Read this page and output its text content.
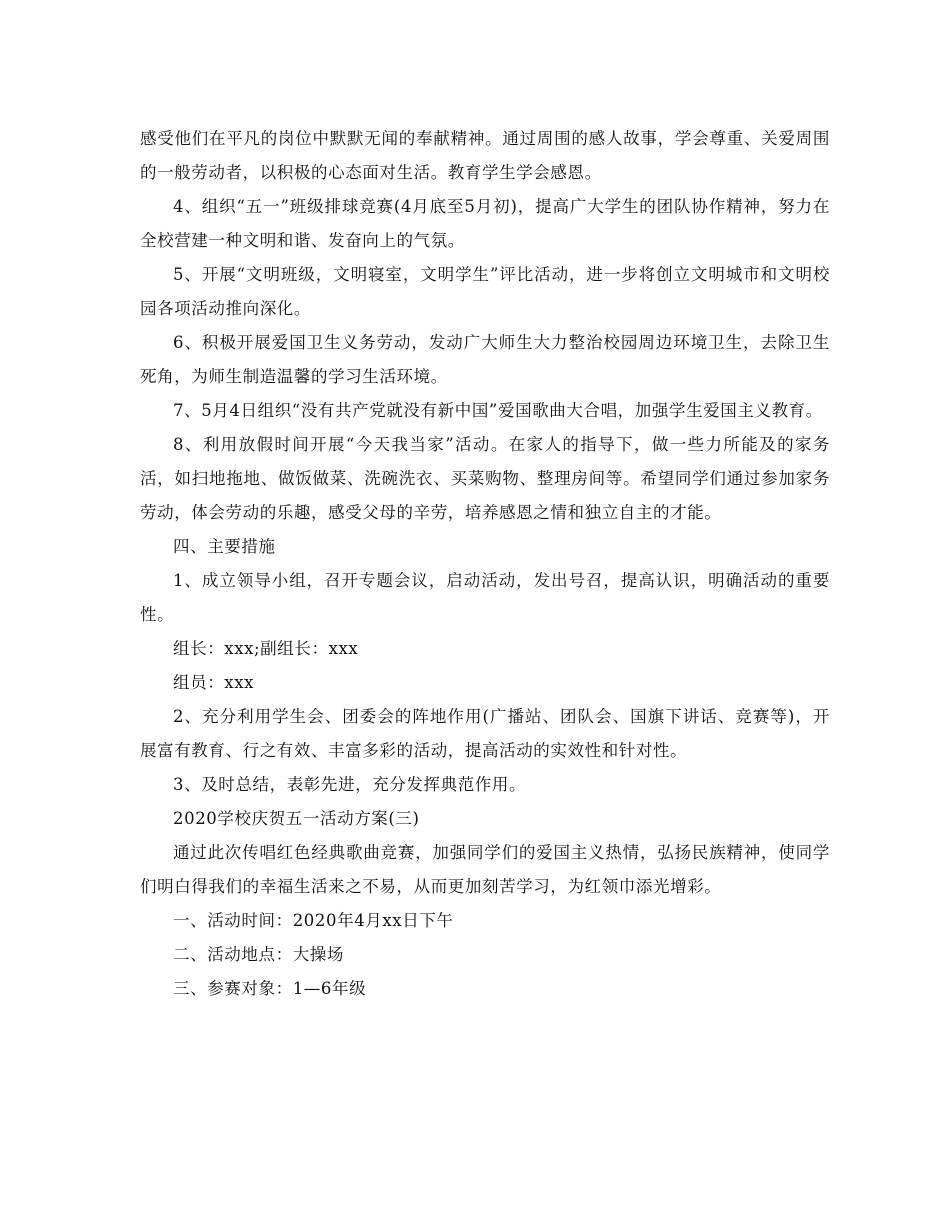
感受他们在平凡的岗位中默默无闻的奉献精神。通过周围的感人故事，学会尊重、关爱周围的一般劳动者，以积极的心态面对生活。教育学生学会感恩。

4、组织“五一”班级排球竞赛(4月底至5月初)，提高广大学生的团队协作精神，努力在全校营建一种文明和谐、发奋向上的气氛。

5、开展“文明班级，文明寝室，文明学生”评比活动，进一步将创立文明城市和文明校园各项活动推向深化。

6、积极开展爱国卫生义务劳动，发动广大师生大力整治校园周边环境卫生，去除卫生死角，为师生制造温馨的学习生活环境。

7、5月4日组织“没有共产党就没有新中国”爱国歌曲大合唱，加强学生爱国主义教育。

8、利用放假时间开展“今天我当家”活动。在家人的指导下，做一些力所能及的家务活，如扫地拖地、做饭做菜、洗碗洗衣、买菜购物、整理房间等。希望同学们通过参加家务劳动，体会劳动的乐趣，感受父母的辛劳，培养感恩之情和独立自主的才能。

四、主要措施

1、成立领导小组，召开专题会议，启动活动，发出号召，提高认识，明确活动的重要性。

组长：xxx;副组长：xxx

组员：xxx

2、充分利用学生会、团委会的阵地作用(广播站、团队会、国旗下讲话、竞赛等)，开展富有教育、行之有效、丰富多彩的活动，提高活动的实效性和针对性。

3、及时总结，表彰先进，充分发挥典范作用。

2020学校庆贺五一活动方案(三)

通过此次传唱红色经典歌曲竞赛，加强同学们的爱国主义热情，弘扬民族精神，使同学们明白得我们的幸福生活来之不易，从而更加刻苦学习，为红领巾添光增彩。

一、活动时间：2020年4月xx日下午

二、活动地点：大操场

三、参赛对象：1—6年级
